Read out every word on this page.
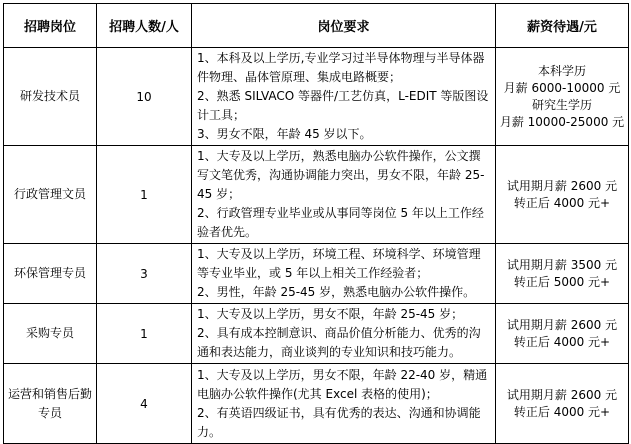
招聘岗位	招聘人数/人	岗位要求	薪资待遇/元
研发技术员	10	1、本科及以上学历,专业学习过半导体物理与半导体器件物理、晶体管原理、集成电路概要；
2、熟悉 SILVACO 等器件/工艺仿真，L-EDIT 等版图设计工具；
3、男女不限，年龄 45 岁以下。	本科学历
月薪 6000-10000 元
研究生学历
月薪 10000-25000 元

行政管理文员	1	1、大专及以上学历，熟悉电脑办公软件操作，公文撰写文笔优秀，沟通协调能力突出，男女不限，年龄 25-45 岁；
2、行政管理专业毕业或从事同等岗位 5 年以上工作经验者优先。	试用期月薪 2600 元
转正后 4000 元+

环保管理专员	3	1、大专及以上学历，环境工程、环境科学、环境管理等专业毕业，或 5 年以上相关工作经验者；
2、男性，年龄 25-45 岁，熟悉电脑办公软件操作。	试用期月薪 3500 元
转正后 5000 元+

采购专员	1	1、大专及以上学历，男女不限，年龄 25-45 岁；
2、具有成本控制意识、商品价值分析能力、优秀的沟通和表达能力，商业谈判的专业知识和技巧能力。	试用期月薪 2600 元
转正后 4000 元+

运营和销售后勤专员	4	1、大专及以上学历，男女不限，年龄 22-40 岁，精通电脑办公软件操作(尤其 Excel 表格的使用)；
2、有英语四级证书，具有优秀的表达、沟通和协调能力。	试用期月薪 2600 元
转正后 4000 元+
